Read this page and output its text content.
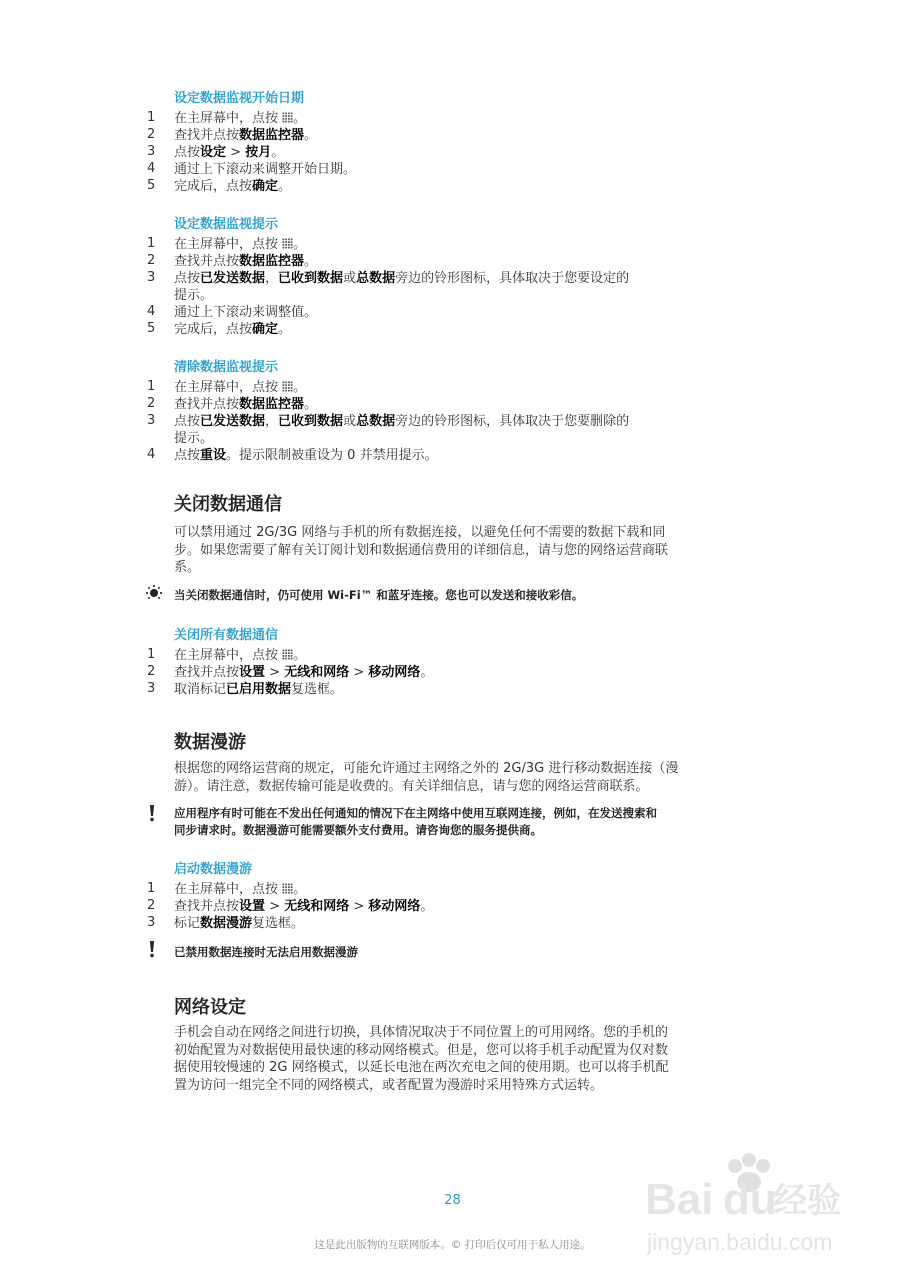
设定数据监视开始日期
设定数据监视提示
清除数据监视提示
关闭数据通信
可以禁用通过 2G/3G 网络与手机的所有数据连接，以避免任何不需要的数据下载和同
步。如果您需要了解有关订阅计划和数据通信费用的详细信息，请与您的网络运营商联
系。
当关闭数据通信时，仍可使用 Wi-Fi™ 和蓝牙连接。您也可以发送和接收彩信。
关闭所有数据通信
数据漫游
根据您的网络运营商的规定，可能允许通过主网络之外的 2G/3G 进行移动数据连接（漫
游）。请注意，数据传输可能是收费的。有关详细信息，请与您的网络运营商联系。
应用程序有时可能在不发出任何通知的情况下在主网络中使用互联网连接，例如，在发送搜索和
同步请求时。数据漫游可能需要额外支付费用。请咨询您的服务提供商。
启动数据漫游
已禁用数据连接时无法启用数据漫游
网络设定
手机会自动在网络之间进行切换，具体情况取决于不同位置上的可用网络。您的手机的
初始配置为对数据使用最快速的移动网络模式。但是，您可以将手机手动配置为仅对数
据使用较慢速的 2G 网络模式，以延长电池在两次充电之间的使用期。也可以将手机配
置为访问一组完全不同的网络模式，或者配置为漫游时采用特殊方式运转。
28
这是此出版物的互联网版本。© 打印后仅可用于私人用途。
Bai du
经验
jingyan.baidu.com
1	在主屏幕中，点按 。
2	查找并点按数据监控器。
3	点按设定 > 按月。
4	通过上下滚动来调整开始日期。
5	完成后，点按确定。
1	在主屏幕中，点按 。
2	查找并点按数据监控器。
3	点按已发送数据，已收到数据或总数据旁边的铃形图标，具体取决于您要设定的
提示。
4	通过上下滚动来调整值。
5	完成后，点按确定。
1	在主屏幕中，点按 。
2	查找并点按数据监控器。
3	点按已发送数据，已收到数据或总数据旁边的铃形图标，具体取决于您要删除的
提示。
4	点按重设。提示限制被重设为 0 并禁用提示。
1	在主屏幕中，点按 。
2	查找并点按设置 > 无线和网络 > 移动网络。
3	取消标记已启用数据复选框。
1	在主屏幕中，点按 。
2	查找并点按设置 > 无线和网络 > 移动网络。
3	标记数据漫游复选框。
